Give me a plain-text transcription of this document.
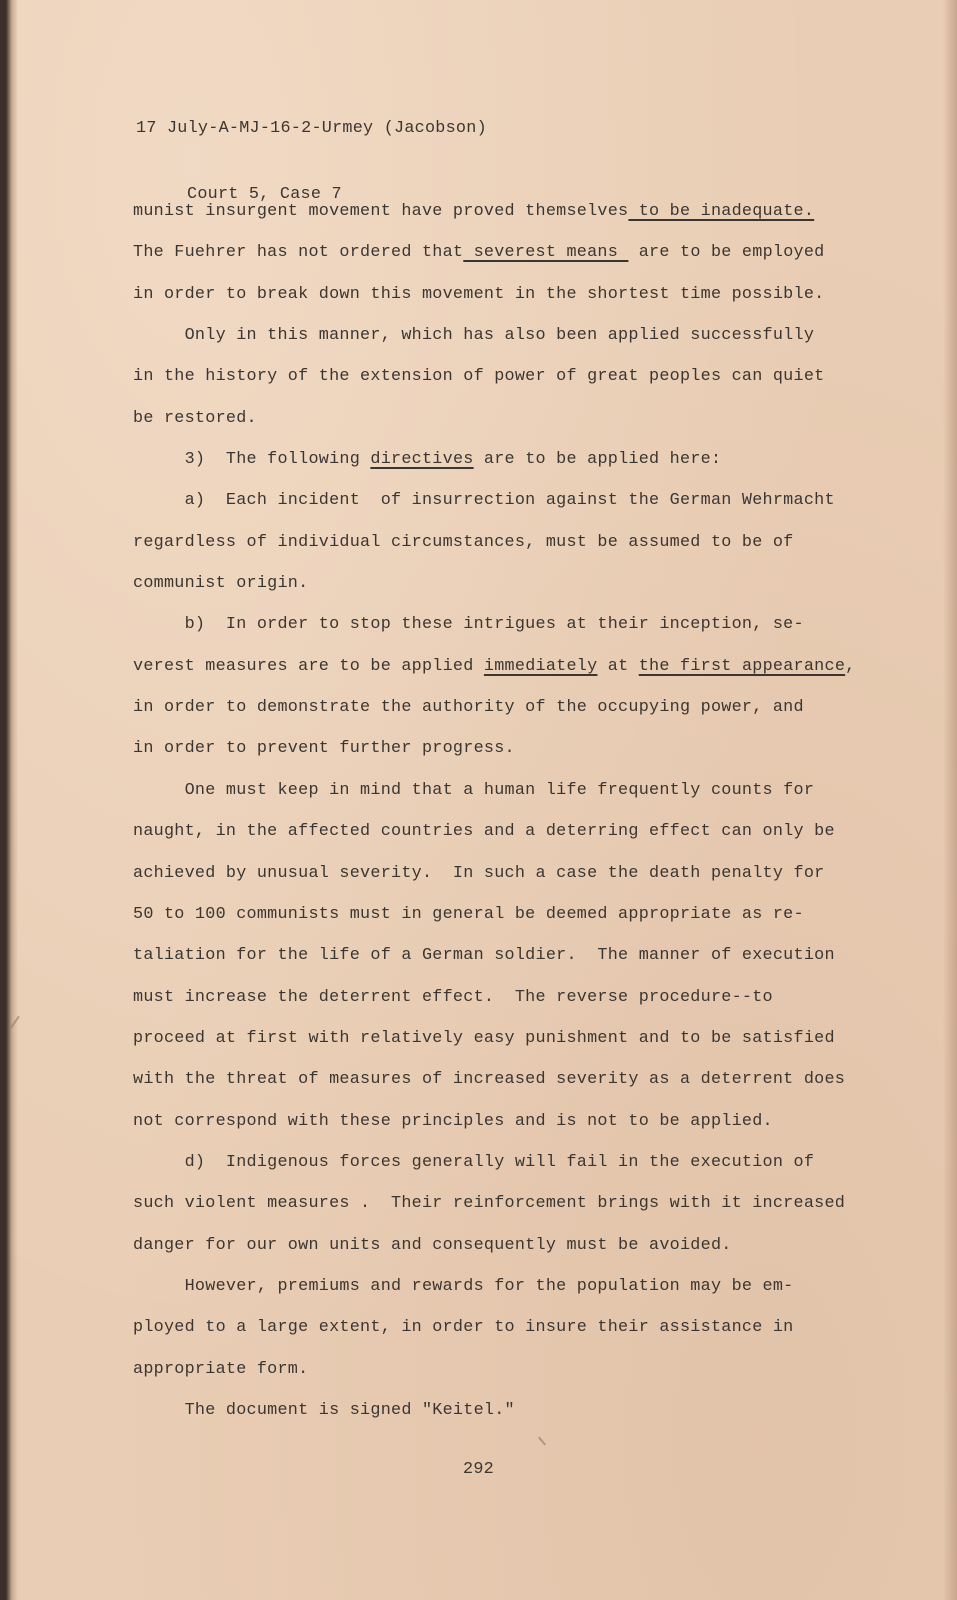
17 July-A-MJ-16-2-Urmey (Jacobson)

Court 5, Case 7

munist insurgent movement have proved themselves to be inadequate.
The Fuehrer has not ordered that severest means  are to be employed
in order to break down this movement in the shortest time possible.
Only in this manner, which has also been applied successfully
in the history of the extension of power of great peoples can quiet
be restored.
3)  The following directives are to be applied here:
a)  Each incident  of insurrection against the German Wehrmacht
regardless of individual circumstances, must be assumed to be of
communist origin.
b)  In order to stop these intrigues at their inception, se-
verest measures are to be applied immediately at the first appearance,
in order to demonstrate the authority of the occupying power, and
in order to prevent further progress.
One must keep in mind that a human life frequently counts for
naught, in the affected countries and a deterring effect can only be
achieved by unusual severity.  In such a case the death penalty for
50 to 100 communists must in general be deemed appropriate as re-
taliation for the life of a German soldier.  The manner of execution
must increase the deterrent effect.  The reverse procedure--to
proceed at first with relatively easy punishment and to be satisfied
with the threat of measures of increased severity as a deterrent does
not correspond with these principles and is not to be applied.
d)  Indigenous forces generally will fail in the execution of
such violent measures .  Their reinforcement brings with it increased
danger for our own units and consequently must be avoided.
However, premiums and rewards for the population may be em-
ployed to a large extent, in order to insure their assistance in
appropriate form.
The document is signed "Keitel."
292
